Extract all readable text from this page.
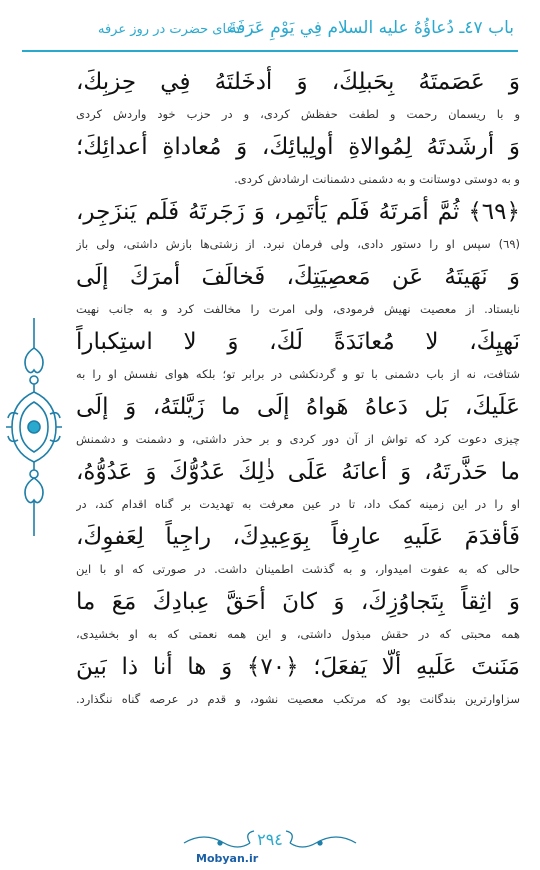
باب ٤٧ـ دُعاؤُهُ عليه السلام فِي يَوْمِ عَرَفَةَ
دعای حضرت در روز عرفه
وَ عَصَمتَهُ بِحَبلِكَ، وَ أدخَلتَهُ فِي حِزبِكَ،
و با ریسمان رحمت و لطفت حفظش کردی، و در حزب خود واردش کردی
وَ أرشَدتَهُ لِمُوالاةِ أولِيائِكَ، وَ مُعاداةِ أعدائِكَ؛
و به دوستی دوستانت و به دشمنی دشمنانت ارشادش کردی.
﴿٦٩﴾ ثُمَّ أمَرتَهُ فَلَم يَأتَمِر، وَ زَجَرتَهُ فَلَم يَنزَجِر،
(٦٩) سپس او را دستور دادی، ولی فرمان نبرد. از زشتی‌ها بازش داشتی، ولی باز
وَ نَهَيتَهُ عَن مَعصِيَتِكَ، فَخالَفَ أمرَكَ إلَى
نایستاد. از معصیت نهیش فرمودی، ولی امرت را مخالفت کرد و به جانب نهیت
نَهيِكَ، لا مُعانَدَةً لَكَ، وَ لا استِكباراً
شتافت، نه از باب دشمنی با تو و گردنکشی در برابر تو؛ بلکه هوای نفسش او را به
عَلَيكَ، بَل دَعاهُ هَواهُ إلَى ما زَيَّلتَهُ، وَ إلَى
چیزی دعوت کرد که تواش از آن دور کردی و بر حذر داشتی، و دشمنت و دشمنش
ما حَذَّرتَهُ، وَ أعانَهُ عَلَى ذٰلِكَ عَدُوُّكَ وَ عَدُوُّهُ،
او را در این زمینه کمک داد، تا در عین معرفت به تهدیدت بر گناه اقدام کند، در
فَأقدَمَ عَلَيهِ عارِفاً بِوَعِيدِكَ، راجِياً لِعَفوِكَ،
حالی که به عفوت امیدوار، و به گذشت اطمینان داشت. در صورتی که او با این
وَ اثِقاً بِتَجاوُزِكَ، وَ كانَ أحَقَّ عِبادِكَ مَعَ ما
همه محبتی که در حقش مبذول داشتی، و این همه نعمتی که به او بخشیدی،
مَنَنتَ عَلَيهِ ألّا يَفعَلَ؛ ﴿٧٠﴾ وَ ها أنا ذا بَينَ
سزاوارترین بندگانت بود که مرتکب معصیت نشود، و قدم در عرصه گناه ننگذارد.
٢٩٤
Mobyan.ir
